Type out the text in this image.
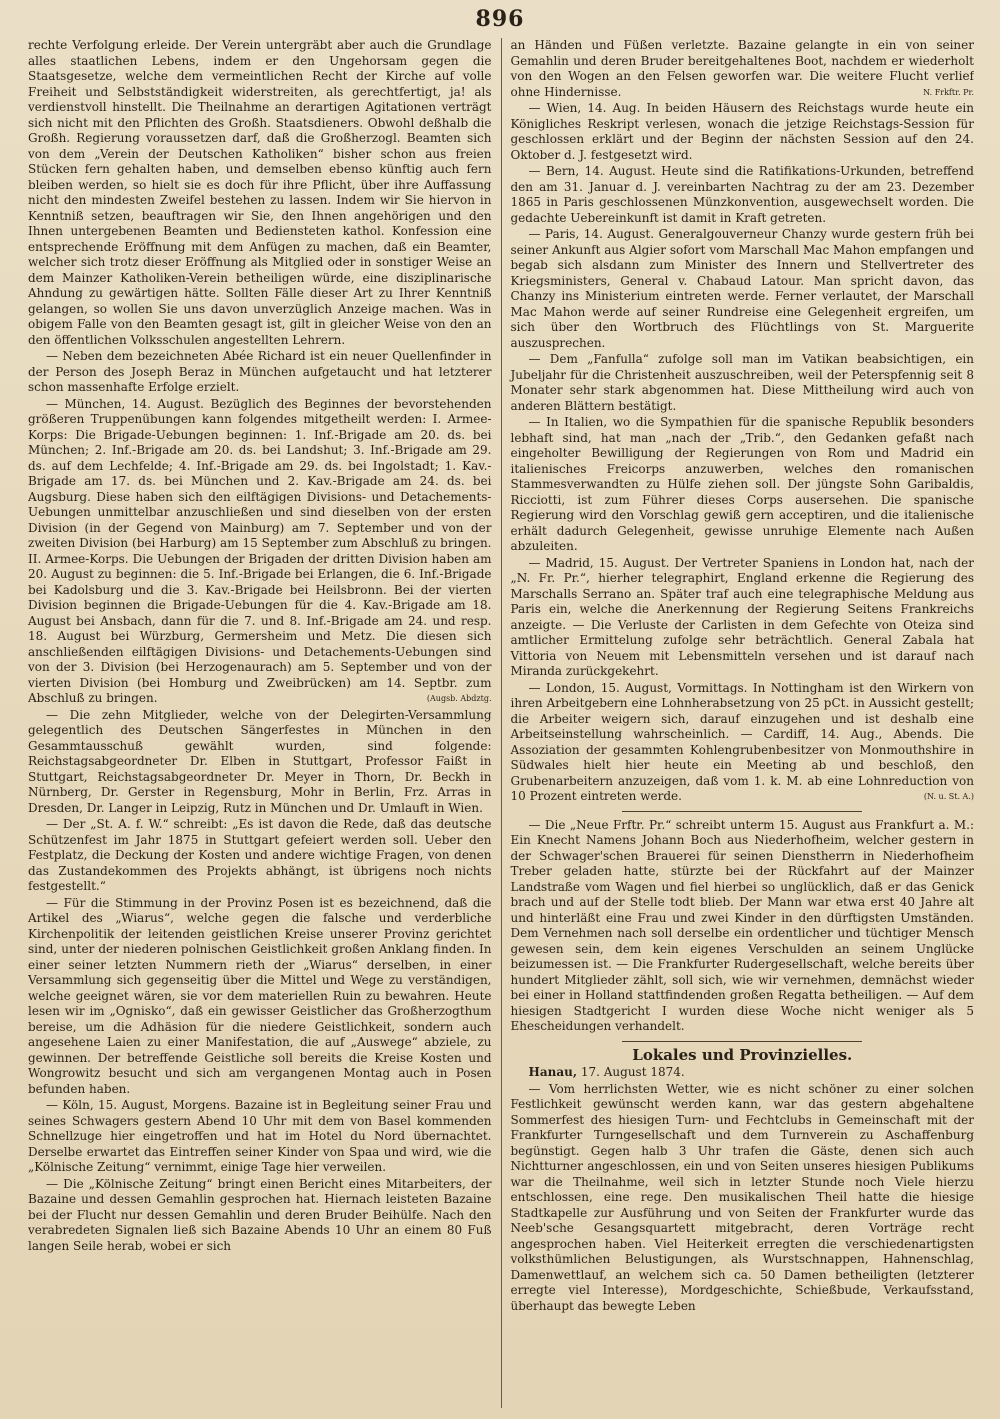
896

rechte Verfolgung erleide. Der Verein untergräbt aber auch die Grundlage alles staatlichen Lebens, indem er den Ungehorsam gegen die Staatsgesetze, welche dem vermeintlichen Recht der Kirche auf volle Freiheit und Selbstständigkeit widerstreiten, als gerechtfertigt, ja! als verdienstvoll hinstellt. Die Theilnahme an derartigen Agitationen verträgt sich nicht mit den Pflichten des Großh. Staatsdieners. Obwohl deßhalb die Großh. Regierung voraussetzen darf, daß die Großherzogl. Beamten sich von dem „Verein der Deutschen Katholiken“ bisher schon aus freien Stücken fern gehalten haben, und demselben ebenso künftig auch fern bleiben werden, so hielt sie es doch für ihre Pflicht, über ihre Auffassung nicht den mindesten Zweifel bestehen zu lassen. Indem wir Sie hiervon in Kenntniß setzen, beauftragen wir Sie, den Ihnen angehörigen und den Ihnen untergebenen Beamten und Bediensteten kathol. Konfession eine entsprechende Eröffnung mit dem Anfügen zu machen, daß ein Beamter, welcher sich trotz dieser Eröffnung als Mitglied oder in sonstiger Weise an dem Mainzer Katholiken-Verein betheiligen würde, eine disziplinarische Ahndung zu gewärtigen hätte. Sollten Fälle dieser Art zu Ihrer Kenntniß gelangen, so wollen Sie uns davon unverzüglich Anzeige machen. Was in obigem Falle von den Beamten gesagt ist, gilt in gleicher Weise von den an den öffentlichen Volksschulen angestellten Lehrern.

— Neben dem bezeichneten Abée Richard ist ein neuer Quellenfinder in der Person des Joseph Beraz in München aufgetaucht und hat letzterer schon massenhafte Erfolge erzielt.

— München, 14. August. Bezüglich des Beginnes der bevorstehenden größeren Truppenübungen kann folgendes mitgetheilt werden: I. Armee-Korps: Die Brigade-Uebungen beginnen: 1. Inf.-Brigade am 20. ds. bei München; 2. Inf.-Brigade am 20. ds. bei Landshut; 3. Inf.-Brigade am 29. ds. auf dem Lechfelde; 4. Inf.-Brigade am 29. ds. bei Ingolstadt; 1. Kav.-Brigade am 17. ds. bei München und 2. Kav.-Brigade am 24. ds. bei Augsburg. Diese haben sich den eilftägigen Divisions- und Detachements-Uebungen unmittelbar anzuschließen und sind dieselben von der ersten Division (in der Gegend von Mainburg) am 7. September und von der zweiten Division (bei Harburg) am 15 September zum Abschluß zu bringen. II. Armee-Korps. Die Uebungen der Brigaden der dritten Division haben am 20. August zu beginnen: die 5. Inf.-Brigade bei Erlangen, die 6. Inf.-Brigade bei Kadolsburg und die 3. Kav.-Brigade bei Heilsbronn. Bei der vierten Division beginnen die Brigade-Uebungen für die 4. Kav.-Brigade am 18. August bei Ansbach, dann für die 7. und 8. Inf.-Brigade am 24. und resp. 18. August bei Würzburg, Germersheim und Metz. Die diesen sich anschließenden eilftägigen Divisions- und Detachements-Uebungen sind von der 3. Division (bei Herzogenaurach) am 5. September und von der vierten Division (bei Homburg und Zweibrücken) am 14. Septbr. zum Abschluß zu bringen.	(Augsb. Abdztg.

— Die zehn Mitglieder, welche von der Delegirten-Versammlung gelegentlich des Deutschen Sängerfestes in München in den Gesammtausschuß gewählt wurden, sind folgende: Reichstagsabgeordneter Dr. Elben in Stuttgart, Professor Faißt in Stuttgart, Reichstagsabgeordneter Dr. Meyer in Thorn, Dr. Beckh in Nürnberg, Dr. Gerster in Regensburg, Mohr in Berlin, Frz. Arras in Dresden, Dr. Langer in Leipzig, Rutz in München und Dr. Umlauft in Wien.

— Der „St. A. f. W.“ schreibt: „Es ist davon die Rede, daß das deutsche Schützenfest im Jahr 1875 in Stuttgart gefeiert werden soll. Ueber den Festplatz, die Deckung der Kosten und andere wichtige Fragen, von denen das Zustandekommen des Projekts abhängt, ist übrigens noch nichts festgestellt.“

— Für die Stimmung in der Provinz Posen ist es bezeichnend, daß die Artikel des „Wiarus“, welche gegen die falsche und verderbliche Kirchenpolitik der leitenden geistlichen Kreise unserer Provinz gerichtet sind, unter der niederen polnischen Geistlichkeit großen Anklang finden. In einer seiner letzten Nummern rieth der „Wiarus“ derselben, in einer Versammlung sich gegenseitig über die Mittel und Wege zu verständigen, welche geeignet wären, sie vor dem materiellen Ruin zu bewahren. Heute lesen wir im „Ognisko“, daß ein gewisser Geistlicher das Großherzogthum bereise, um die Adhäsion für die niedere Geistlichkeit, sondern auch angesehene Laien zu einer Manifestation, die auf „Auswege“ abziele, zu gewinnen. Der betreffende Geistliche soll bereits die Kreise Kosten und Wongrowitz besucht und sich am vergangenen Montag auch in Posen befunden haben.

— Köln, 15. August, Morgens. Bazaine ist in Begleitung seiner Frau und seines Schwagers gestern Abend 10 Uhr mit dem von Basel kommenden Schnellzuge hier eingetroffen und hat im Hotel du Nord übernachtet. Derselbe erwartet das Eintreffen seiner Kinder von Spaa und wird, wie die „Kölnische Zeitung“ vernimmt, einige Tage hier verweilen.

— Die „Kölnische Zeitung“ bringt einen Bericht eines Mitarbeiters, der Bazaine und dessen Gemahlin gesprochen hat. Hiernach leisteten Bazaine bei der Flucht nur dessen Gemahlin und deren Bruder Beihülfe. Nach den verabredeten Signalen ließ sich Bazaine Abends 10 Uhr an einem 80 Fuß langen Seile herab, wobei er sich

an Händen und Füßen verletzte. Bazaine gelangte in ein von seiner Gemahlin und deren Bruder bereitgehaltenes Boot, nachdem er wiederholt von den Wogen an den Felsen geworfen war. Die weitere Flucht verlief ohne Hindernisse.	N. Frkftr. Pr.

— Wien, 14. Aug. In beiden Häusern des Reichstags wurde heute ein Königliches Reskript verlesen, wonach die jetzige Reichstags-Session für geschlossen erklärt und der Beginn der nächsten Session auf den 24. Oktober d. J. festgesetzt wird.

— Bern, 14. August. Heute sind die Ratifikations-Urkunden, betreffend den am 31. Januar d. J. vereinbarten Nachtrag zu der am 23. Dezember 1865 in Paris geschlossenen Münzkonvention, ausgewechselt worden. Die gedachte Uebereinkunft ist damit in Kraft getreten.

— Paris, 14. August. Generalgouverneur Chanzy wurde gestern früh bei seiner Ankunft aus Algier sofort vom Marschall Mac Mahon empfangen und begab sich alsdann zum Minister des Innern und Stellvertreter des Kriegsministers, General v. Chabaud Latour. Man spricht davon, das Chanzy ins Ministerium eintreten werde. Ferner verlautet, der Marschall Mac Mahon werde auf seiner Rundreise eine Gelegenheit ergreifen, um sich über den Wortbruch des Flüchtlings von St. Marguerite auszusprechen.

— Dem „Fanfulla“ zufolge soll man im Vatikan beabsichtigen, ein Jubeljahr für die Christenheit auszuschreiben, weil der Peterspfennig seit 8 Monater sehr stark abgenommen hat. Diese Mittheilung wird auch von anderen Blättern bestätigt.

— In Italien, wo die Sympathien für die spanische Republik besonders lebhaft sind, hat man „nach der „Trib.“, den Gedanken gefaßt nach eingeholter Bewilligung der Regierungen von Rom und Madrid ein italienisches Freicorps anzuwerben, welches den romanischen Stammesverwandten zu Hülfe ziehen soll. Der jüngste Sohn Garibaldis, Ricciotti, ist zum Führer dieses Corps ausersehen. Die spanische Regierung wird den Vorschlag gewiß gern acceptiren, und die italienische erhält dadurch Gelegenheit, gewisse unruhige Elemente nach Außen abzuleiten.

— Madrid, 15. August. Der Vertreter Spaniens in London hat, nach der „N. Fr. Pr.“, hierher telegraphirt, England erkenne die Regierung des Marschalls Serrano an. Später traf auch eine telegraphische Meldung aus Paris ein, welche die Anerkennung der Regierung Seitens Frankreichs anzeigte. — Die Verluste der Carlisten in dem Gefechte von Oteiza sind amtlicher Ermittelung zufolge sehr beträchtlich. General Zabala hat Vittoria von Neuem mit Lebensmitteln versehen und ist darauf nach Miranda zurückgekehrt.

— London, 15. August, Vormittags. In Nottingham ist den Wirkern von ihren Arbeitgebern eine Lohnherabsetzung von 25 pCt. in Aussicht gestellt; die Arbeiter weigern sich, darauf einzugehen und ist deshalb eine Arbeitseinstellung wahrscheinlich. — Cardiff, 14. Aug., Abends. Die Assoziation der gesammten Kohlengrubenbesitzer von Monmouthshire in Südwales hielt hier heute ein Meeting ab und beschloß, den Grubenarbeitern anzuzeigen, daß vom 1. k. M. ab eine Lohnreduction von 10 Prozent eintreten werde.	(N. u. St. A.)

— Die „Neue Frftr. Pr.“ schreibt unterm 15. August aus Frankfurt a. M.: Ein Knecht Namens Johann Boch aus Niederhofheim, welcher gestern in der Schwager'schen Brauerei für seinen Dienstherrn in Niederhofheim Treber geladen hatte, stürzte bei der Rückfahrt auf der Mainzer Landstraße vom Wagen und fiel hierbei so unglücklich, daß er das Genick brach und auf der Stelle todt blieb. Der Mann war etwa erst 40 Jahre alt und hinterläßt eine Frau und zwei Kinder in den dürftigsten Umständen. Dem Vernehmen nach soll derselbe ein ordentlicher und tüchtiger Mensch gewesen sein, dem kein eigenes Verschulden an seinem Unglücke beizumessen ist. — Die Frankfurter Rudergesellschaft, welche bereits über hundert Mitglieder zählt, soll sich, wie wir vernehmen, demnächst wieder bei einer in Holland stattfindenden großen Regatta betheiligen. — Auf dem hiesigen Stadtgericht I wurden diese Woche nicht weniger als 5 Ehescheidungen verhandelt.

Lokales und Provinzielles.

Hanau, 17. August 1874.

— Vom herrlichsten Wetter, wie es nicht schöner zu einer solchen Festlichkeit gewünscht werden kann, war das gestern abgehaltene Sommerfest des hiesigen Turn- und Fechtclubs in Gemeinschaft mit der Frankfurter Turngesellschaft und dem Turnverein zu Aschaffenburg begünstigt. Gegen halb 3 Uhr trafen die Gäste, denen sich auch Nichtturner angeschlossen, ein und von Seiten unseres hiesigen Publikums war die Theilnahme, weil sich in letzter Stunde noch Viele hierzu entschlossen, eine rege. Den musikalischen Theil hatte die hiesige Stadtkapelle zur Ausführung und von Seiten der Frankfurter wurde das Neeb'sche Gesangsquartett mitgebracht, deren Vorträge recht angesprochen haben. Viel Heiterkeit erregten die verschiedenartigsten volksthümlichen Belustigungen, als Wurstschnappen, Hahnenschlag, Damenwettlauf, an welchem sich ca. 50 Damen betheiligten (letzterer erregte viel Interesse), Mordgeschichte, Schießbude, Verkaufsstand, überhaupt das bewegte Leben
